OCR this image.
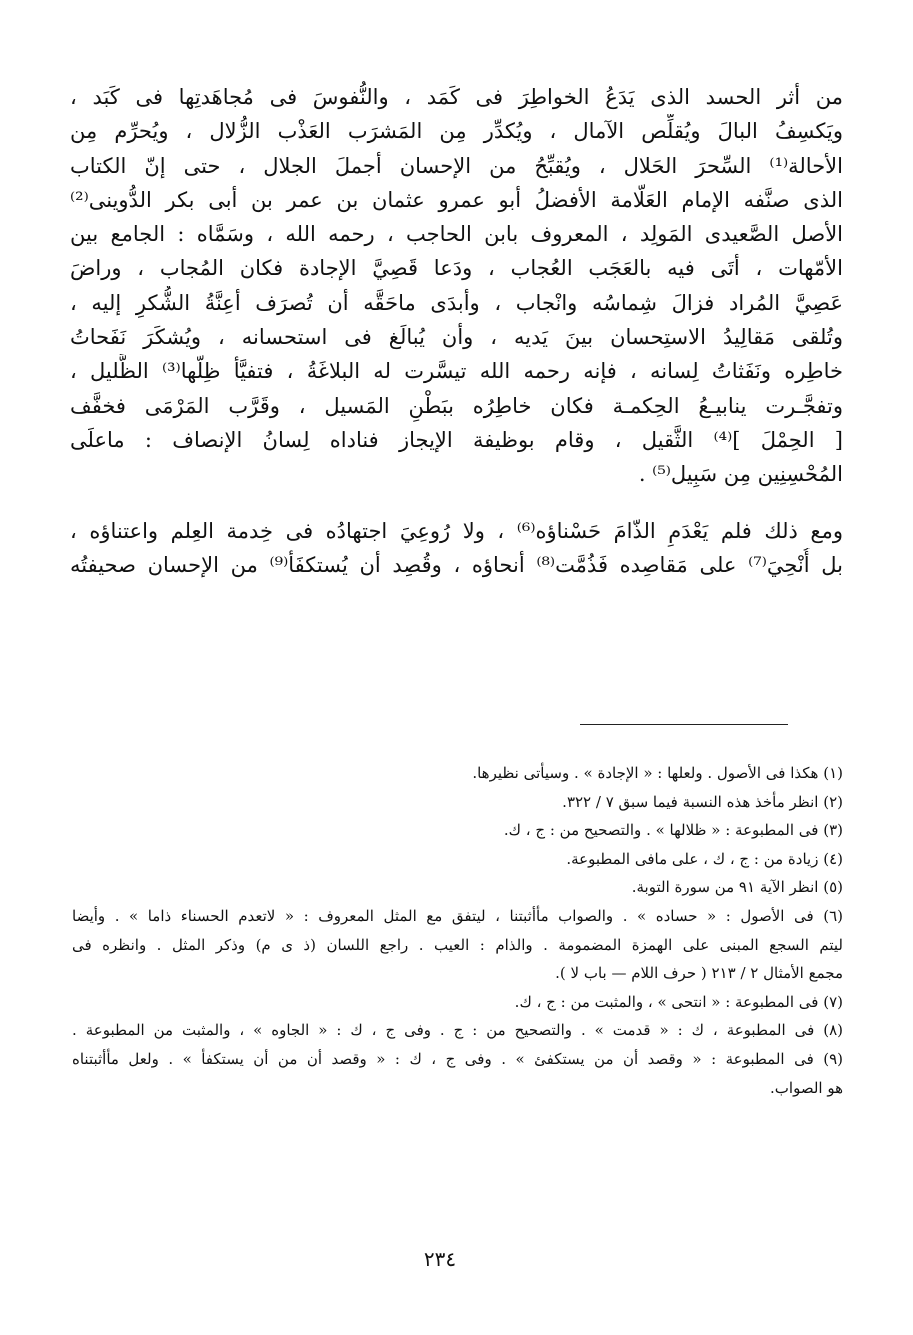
من أثر الحسد الذى يَدَعُ الخواطِرَ فى كَمَد ، والنُّفوسَ فى مُجاهَدتِها فى كَبَد ،
ويَكسِفُ البالَ ويُقلِّص الآمال ، ويُكدِّر مِن المَشرَب العَذْب الزُّلال ، ويُحرِّم مِن
الأحالة⁽¹⁾ السِّحرَ الحَلال ، ويُقبِّحُ من الإحسان أجملَ الجلال ، حتى إنّ الكتاب
الذى صنَّفه الإمام العَلّامة الأفضلُ أبو عمرو عثمان بن عمر بن أبى بكر الدُّوينى⁽²⁾
الأصل الصَّعيدى المَولِد ، المعروف بابن الحاجب ، رحمه الله ، وسَمَّاه : الجامع بين
الأمّهات ، أتَى فيه بالعَجَب العُجاب ، ودَعا قَصِيَّ الإجادة فكان المُجاب ، وراضَ
عَصِيَّ المُراد فزالَ شِماسُه وانْجاب ، وأبدَى ماحَقَّه أن تُصرَف أعِنَّةُ الشُّكرِ إليه ،
وتُلقى مَقالِيدُ الاستِحسان بينَ يَديه ، وأن يُبالَغ فى استحسانه ، ويُشكَرَ نَفَحاتُ
خاطِره ونَفَثاتُ لِسانه ، فإنه رحمه الله تيسَّرت له البلاغَةُ ، فتفيَّأ ظِلّها⁽³⁾ الظَّليل ،
وتفجَّـرت ينابيـعُ الحِكمـة فكان خاطِرُه ببَطْنِ المَسيل ، وقَرَّب المَرْمَى فخفَّف
[ الحِمْلَ ]⁽⁴⁾ الثَّقيل ، وقام بوظيفة الإيجاز فناداه لِسانُ الإنصاف : ماعلَى
المُحْسِنِين مِن سَبِيل⁽⁵⁾ .
ومع ذلك فلم يَعْدَمِ الذّامَ حَسْناؤه⁽⁶⁾ ، ولا رُوعِيَ اجتهادُه فى خِدمة العِلم واعتناؤه ،
بل أُنْحِيَ⁽⁷⁾ على مَقاصِده فَذُمَّت⁽⁸⁾ أنحاؤه ، وقُصِد أن يُستكفَأ⁽⁹⁾ من الإحسان صحيفتُه
(١) هكذا فى الأصول . ولعلها : « الإجادة » . وسيأتى نظيرها.
(٢) انظر مأخذ هذه النسبة فيما سبق ٧ / ٣٢٢.
(٣) فى المطبوعة : « ظلالها » . والتصحيح من : ج ، ك.
(٤) زيادة من : ج ، ك ، على مافى المطبوعة.
(٥) انظر الآية ٩١ من سورة التوبة.
(٦) فى الأصول : « حساده » . والصواب مأأثبتنا ، ليتفق مع المثل المعروف : « لاتعدم الحسناء ذاما » . وأيضا
ليتم السجع المبنى على الهمزة المضمومة . والذام : العيب . راجع اللسان (ذ ى م) وذكر المثل . وانظره فى
مجمع الأمثال ٢ / ٢١٣ ( حرف اللام — باب لا ).
(٧) فى المطبوعة : « انتحى » ، والمثبت من : ج ، ك.
(٨) فى المطبوعة ، ك : « قدمت » . والتصحيح من : ج . وفى ج ، ك : « الجاوه » ، والمثبت من المطبوعة .
(٩) فى المطبوعة : « وقصد أن من يستكفئ » . وفى ج ، ك : « وقصد أن من أن يستكفأ » . ولعل مأأثبتناه
هو الصواب.
٢٣٤
